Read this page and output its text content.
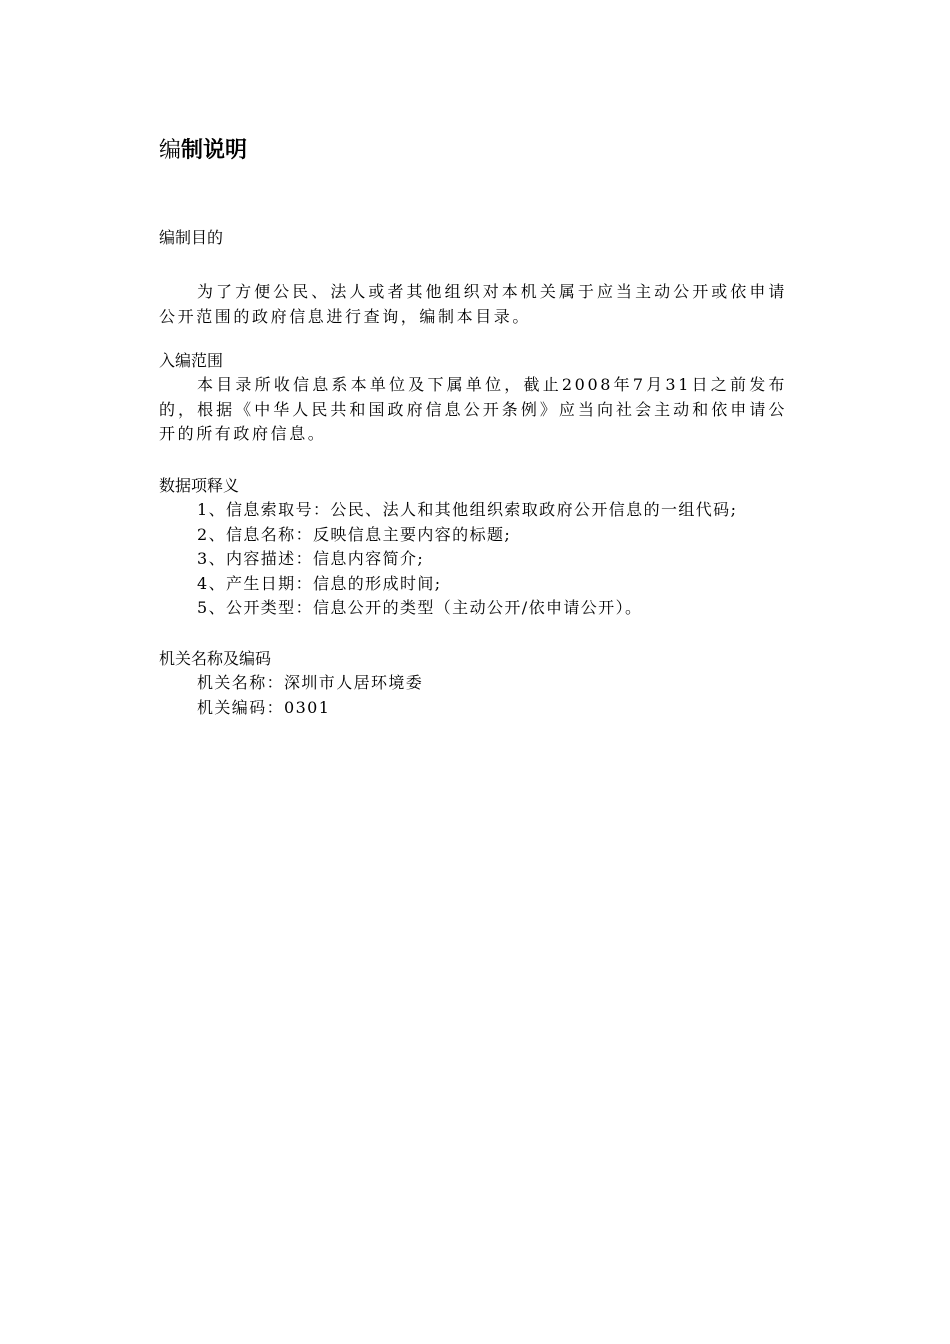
编制说明
编制目的
为了方便公民、法人或者其他组织对本机关属于应当主动公开或依申请公开范围的政府信息进行查询，编制本目录。
入编范围
本目录所收信息系本单位及下属单位，截止2008年7月31日之前发布的，根据《中华人民共和国政府信息公开条例》应当向社会主动和依申请公开的所有政府信息。
数据项释义
1、信息索取号：公民、法人和其他组织索取政府公开信息的一组代码;
2、信息名称：反映信息主要内容的标题;
3、内容描述：信息内容简介;
4、产生日期：信息的形成时间;
5、公开类型：信息公开的类型（主动公开/依申请公开）。
机关名称及编码
机关名称：深圳市人居环境委
机关编码：0301
